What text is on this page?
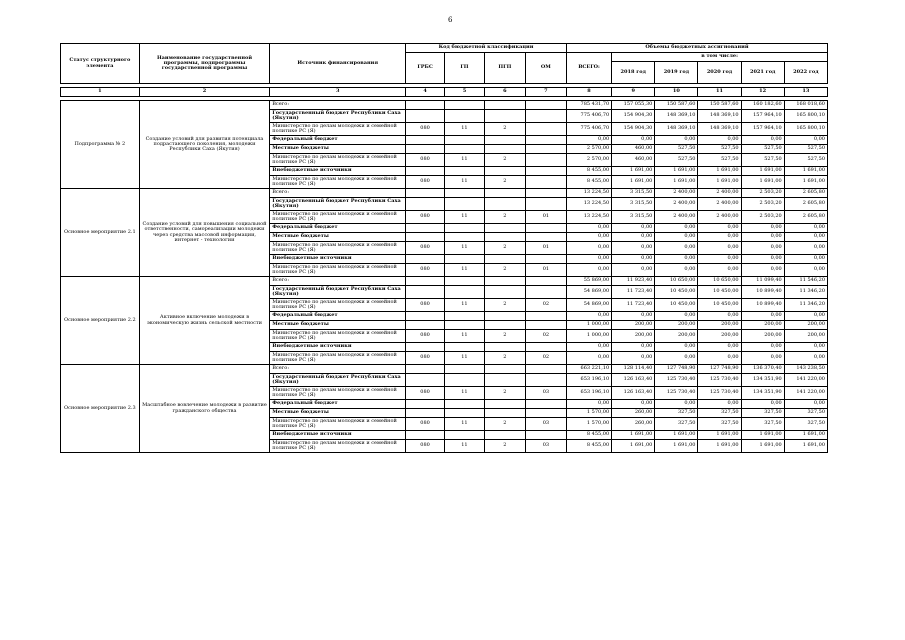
6
Статус структурного элемента	Наименование государственной программы, подпрограммы государственной программы	Источник финансирования	Код бюджетной классификации				Объемы бюджетных ассигнований					
			ГРБС	ГП	ПГП	ОМ	ВСЕГО:	в том числе:				
								2018 год	2019 год	2020 год	2021 год	2022 год

1	2	3	4	5	6	7	8	9	10	11	12	13

Подпрограмма № 2	Создание условий для развития потенциала подрастающего поколения, молодежи Республики Саха (Якутия)	Всего:					785 431,70	157 055,30	150 587,60	150 587,60	160 182,60	168 018,60
		Государственный бюджет Республики Саха (Якутия)					775 406,70	154 904,30	148 369,10	148 369,10	157 964,10	165 800,10
		Министерство по делам молодежи и семейной политике РС (Я)	080	11	2		775 406,70	154 904,30	148 369,10	148 369,10	157 964,10	165 800,10
		Федеральный бюджет					0,00	0,00	0,00	0,00	0,00	0,00
		Местные бюджеты					2 570,00	460,00	527,50	527,50	527,50	527,50
		Министерство по делам молодежи и семейной политике РС (Я)	080	11	2		2 570,00	460,00	527,50	527,50	527,50	527,50
		Внебюджетные источники					8 455,00	1 691,00	1 691,00	1 691,00	1 691,00	1 691,00
		Министерство по делам молодежи и семейной политике РС (Я)	080	11	2		8 455,00	1 691,00	1 691,00	1 691,00	1 691,00	1 691,00
Основное мероприятие 2.1	Создание условий для повышения социальной ответственности, самореализации молодежи через средства массовой информации, интернет - технологии	Всего:					13 224,50	3 315,50	2 400,00	2 400,00	2 503,20	2 605,80
		Государственный бюджет Республики Саха (Якутия)					13 224,50	3 315,50	2 400,00	2 400,00	2 503,20	2 605,80
		Министерство по делам молодежи и семейной политике РС (Я)	080	11	2	01	13 224,50	3 315,50	2 400,00	2 400,00	2 503,20	2 605,80
		Федеральный бюджет					0,00	0,00	0,00	0,00	0,00	0,00
		Местные бюджеты					0,00	0,00	0,00	0,00	0,00	0,00
		Министерство по делам молодежи и семейной политике РС (Я)	080	11	2	01	0,00	0,00	0,00	0,00	0,00	0,00
		Внебюджетные источники					0,00	0,00	0,00	0,00	0,00	0,00
		Министерство по делам молодежи и семейной политике РС (Я)	080	11	2	01	0,00	0,00	0,00	0,00	0,00	0,00
Основное мероприятие 2.2	Активное включение молодежи в экономическую жизнь сельской местности	Всего:					55 869,00	11 923,40	10 650,00	10 650,00	11 099,40	11 546,20
		Государственный бюджет Республики Саха (Якутия)					54 869,00	11 723,40	10 450,00	10 450,00	10 899,40	11 346,20
		Министерство по делам молодежи и семейной политике РС (Я)	080	11	2	02	54 869,00	11 723,40	10 450,00	10 450,00	10 899,40	11 346,20
		Федеральный бюджет					0,00	0,00	0,00	0,00	0,00	0,00
		Местные бюджеты					1 000,00	200,00	200,00	200,00	200,00	200,00
		Министерство по делам молодежи и семейной политике РС (Я)	080	11	2	02	1 000,00	200,00	200,00	200,00	200,00	200,00
		Внебюджетные источники					0,00	0,00	0,00	0,00	0,00	0,00
		Министерство по делам молодежи и семейной политике РС (Я)	080	11	2	02	0,00	0,00	0,00	0,00	0,00	0,00
Основное мероприятие 2.3	Масштабное вовлечение молодежи в развитие гражданского общества	Всего:					663 221,10	128 114,40	127 748,90	127 748,90	136 370,40	143 238,50
		Государственный бюджет Республики Саха (Якутия)					653 196,10	126 163,40	125 730,40	125 730,40	134 351,90	141 220,00
		Министерство по делам молодежи и семейной политике РС (Я)	080	11	2	03	653 196,10	126 163,40	125 730,40	125 730,40	134 351,90	141 220,00
		Федеральный бюджет					0,00	0,00	0,00	0,00	0,00	0,00
		Местные бюджеты					1 570,00	260,00	327,50	327,50	327,50	327,50
		Министерство по делам молодежи и семейной политике РС (Я)	080	11	2	03	1 570,00	260,00	327,50	327,50	327,50	327,50
		Внебюджетные источники					8 455,00	1 691,00	1 691,00	1 691,00	1 691,00	1 691,00
		Министерство по делам молодежи и семейной политике РС (Я)	080	11	2	03	8 455,00	1 691,00	1 691,00	1 691,00	1 691,00	1 691,00
